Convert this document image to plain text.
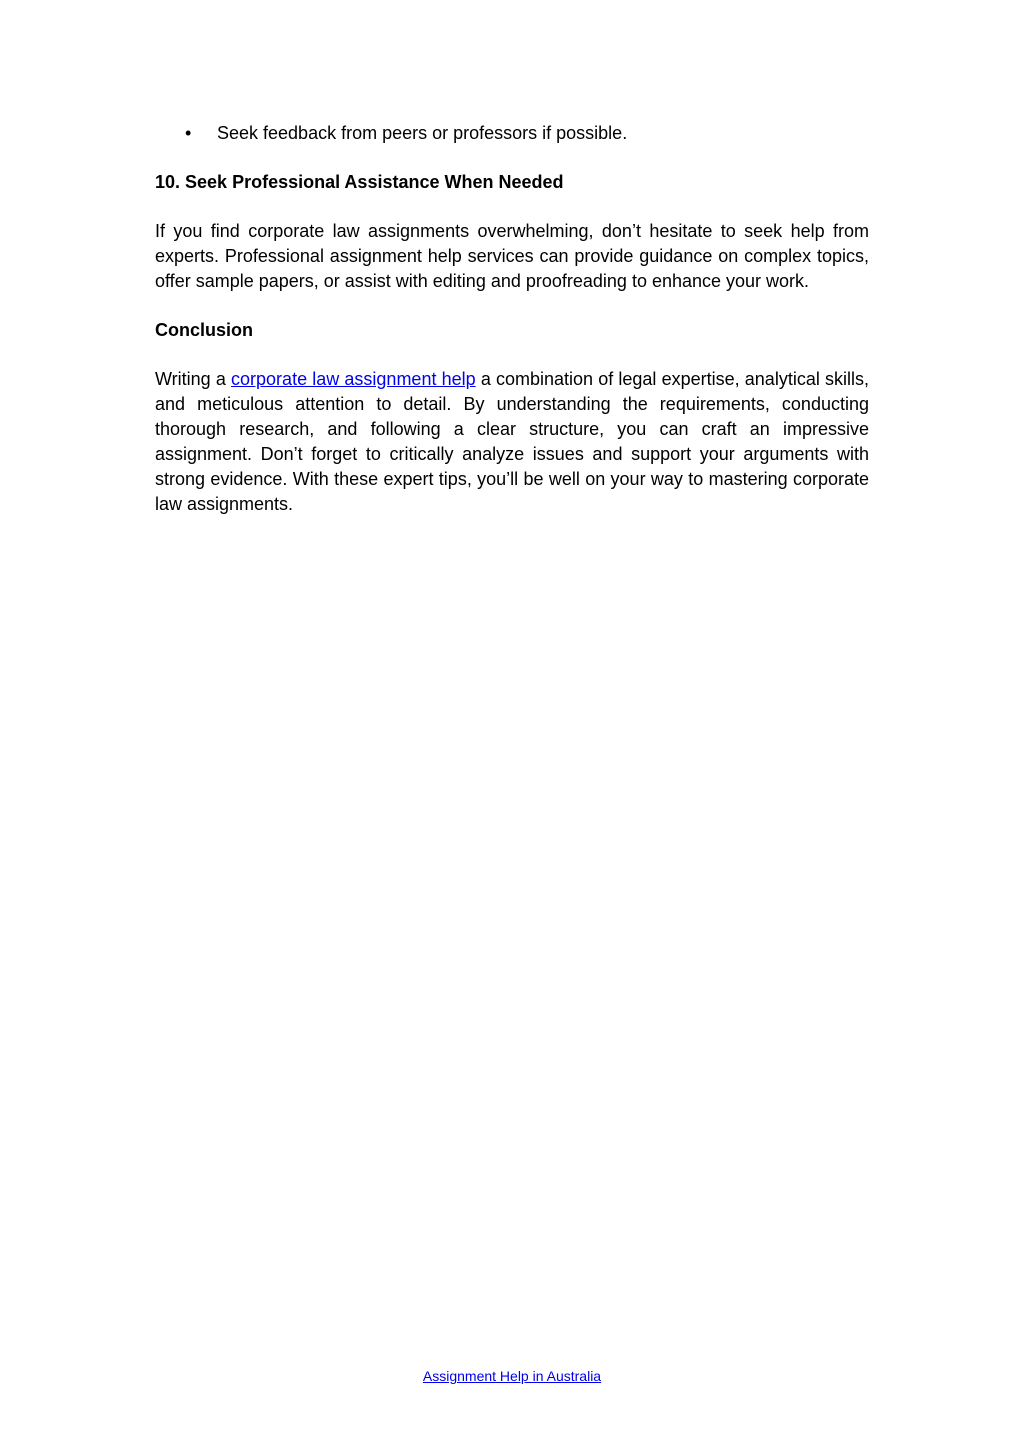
• Seek feedback from peers or professors if possible.

10. Seek Professional Assistance When Needed

If you find corporate law assignments overwhelming, don’t hesitate to seek help from experts. Professional assignment help services can provide guidance on complex topics, offer sample papers, or assist with editing and proofreading to enhance your work.

Conclusion

Writing a corporate law assignment help a combination of legal expertise, analytical skills, and meticulous attention to detail. By understanding the requirements, conducting thorough research, and following a clear structure, you can craft an impressive assignment. Don’t forget to critically analyze issues and support your arguments with strong evidence. With these expert tips, you’ll be well on your way to mastering corporate law assignments.

Assignment Help in Australia
